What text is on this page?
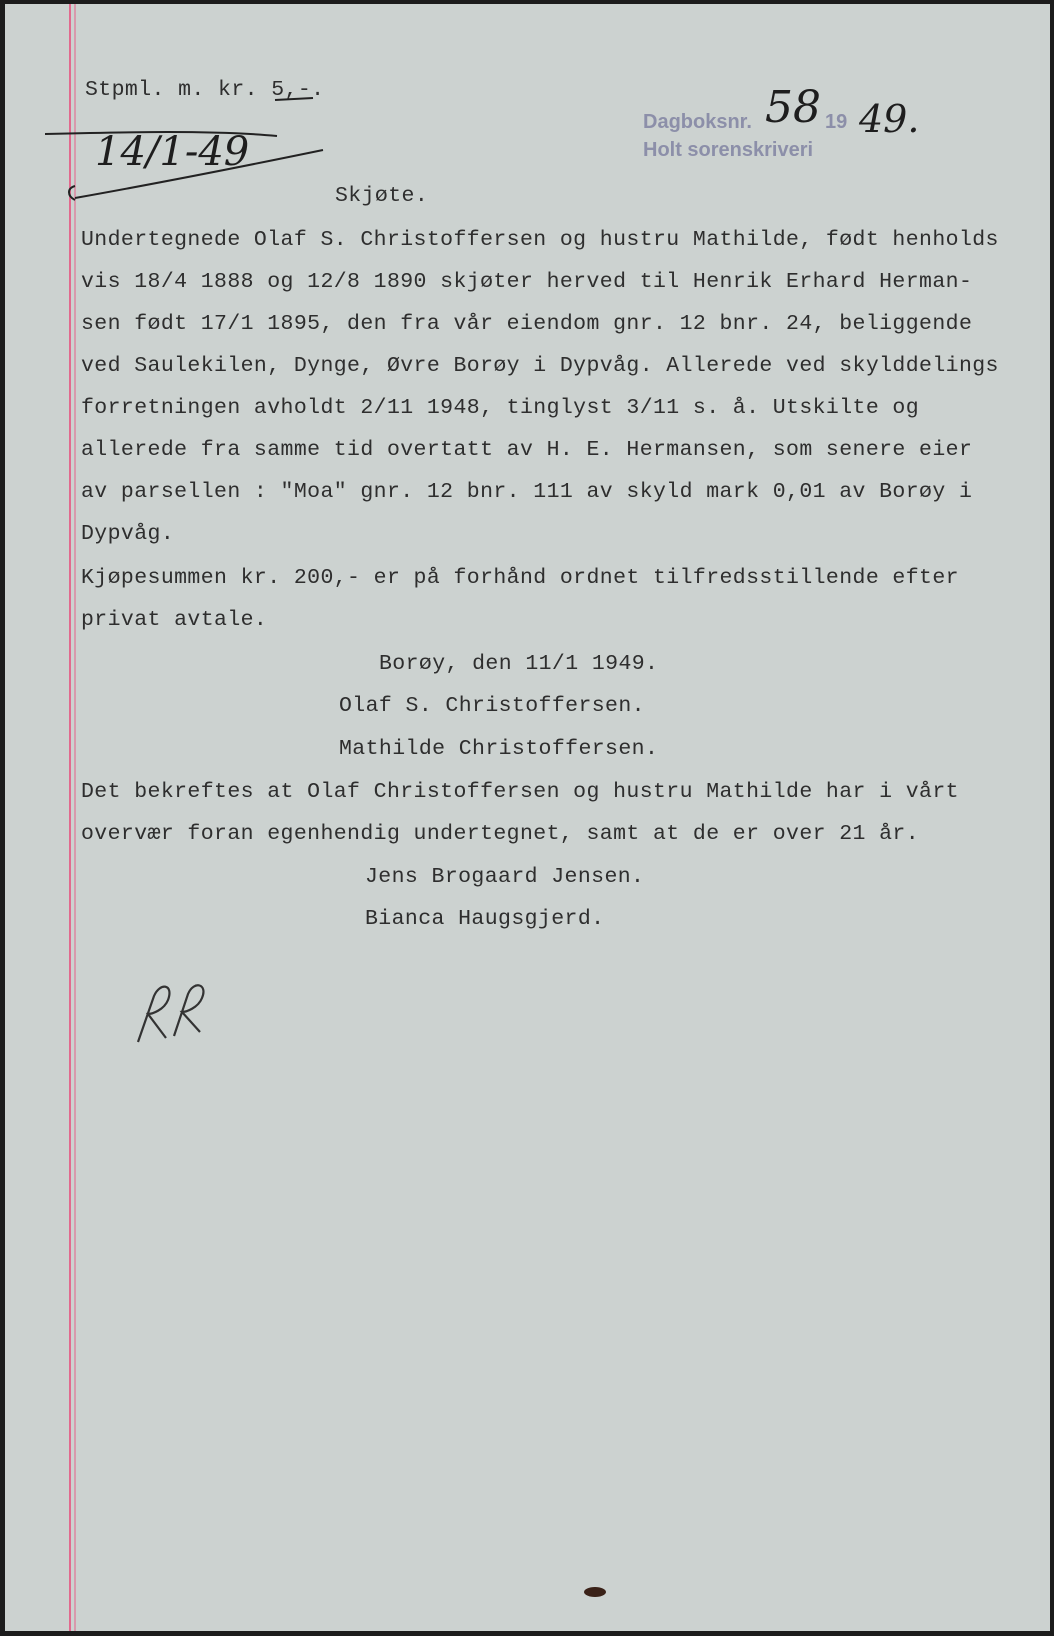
Stpml. m. kr. 5,-.
14/1-49
Dagboksnr. 58 19 49.
Holt sorenskriveri
Skjøte.
Undertegnede Olaf S. Christoffersen og hustru Mathilde, født henholds
vis 18/4 1888 og 12/8 1890 skjøter herved til Henrik Erhard Herman-
sen født 17/1 1895, den fra vår eiendom gnr. 12 bnr. 24, beliggende
ved Saulekilen, Dynge, Øvre Borøy i Dypvåg. Allerede ved skylddelings
forretningen avholdt 2/11 1948, tinglyst 3/11 s. å. Utskilte og
allerede fra samme tid overtatt av H. E. Hermansen, som senere eier
av parsellen : "Moa" gnr. 12 bnr. 111 av skyld mark 0,01 av Borøy i
Dypvåg.
Kjøpesummen kr. 200,- er på forhånd ordnet tilfredsstillende efter
privat avtale.
Borøy, den 11/1 1949.
Olaf S. Christoffersen.
Mathilde Christoffersen.
Det bekreftes at Olaf Christoffersen og hustru Mathilde har i vårt
overvær foran egenhendig undertegnet, samt at de er over 21 år.
Jens Brogaard Jensen.
Bianca Haugsgjerd.
